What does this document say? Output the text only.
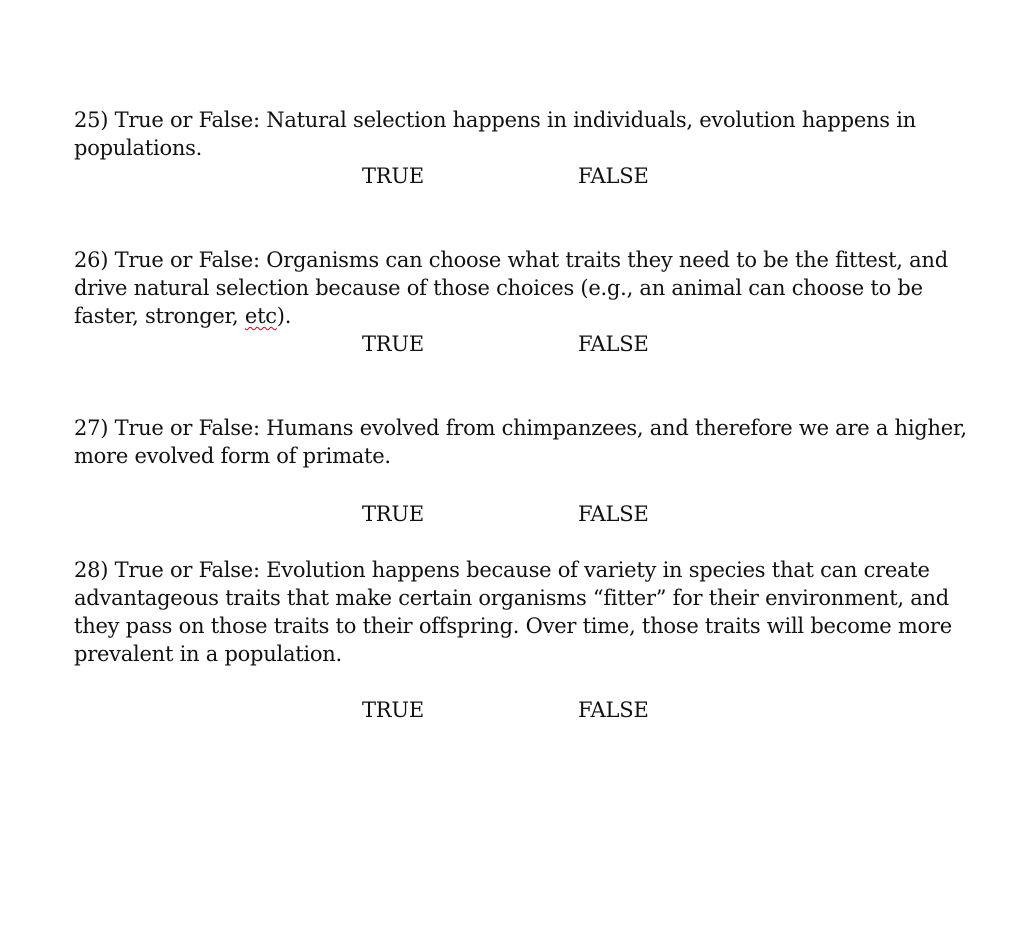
25) True or False: Natural selection happens in individuals, evolution happens in populations.

TRUE	FALSE

26) True or False: Organisms can choose what traits they need to be the fittest, and drive natural selection because of those choices (e.g., an animal can choose to be faster, stronger, etc).

TRUE	FALSE

27) True or False: Humans evolved from chimpanzees, and therefore we are a higher, more evolved form of primate.

TRUE	FALSE

28) True or False: Evolution happens because of variety in species that can create advantageous traits that make certain organisms “fitter” for their environment, and they pass on those traits to their offspring. Over time, those traits will become more prevalent in a population.

TRUE	FALSE
